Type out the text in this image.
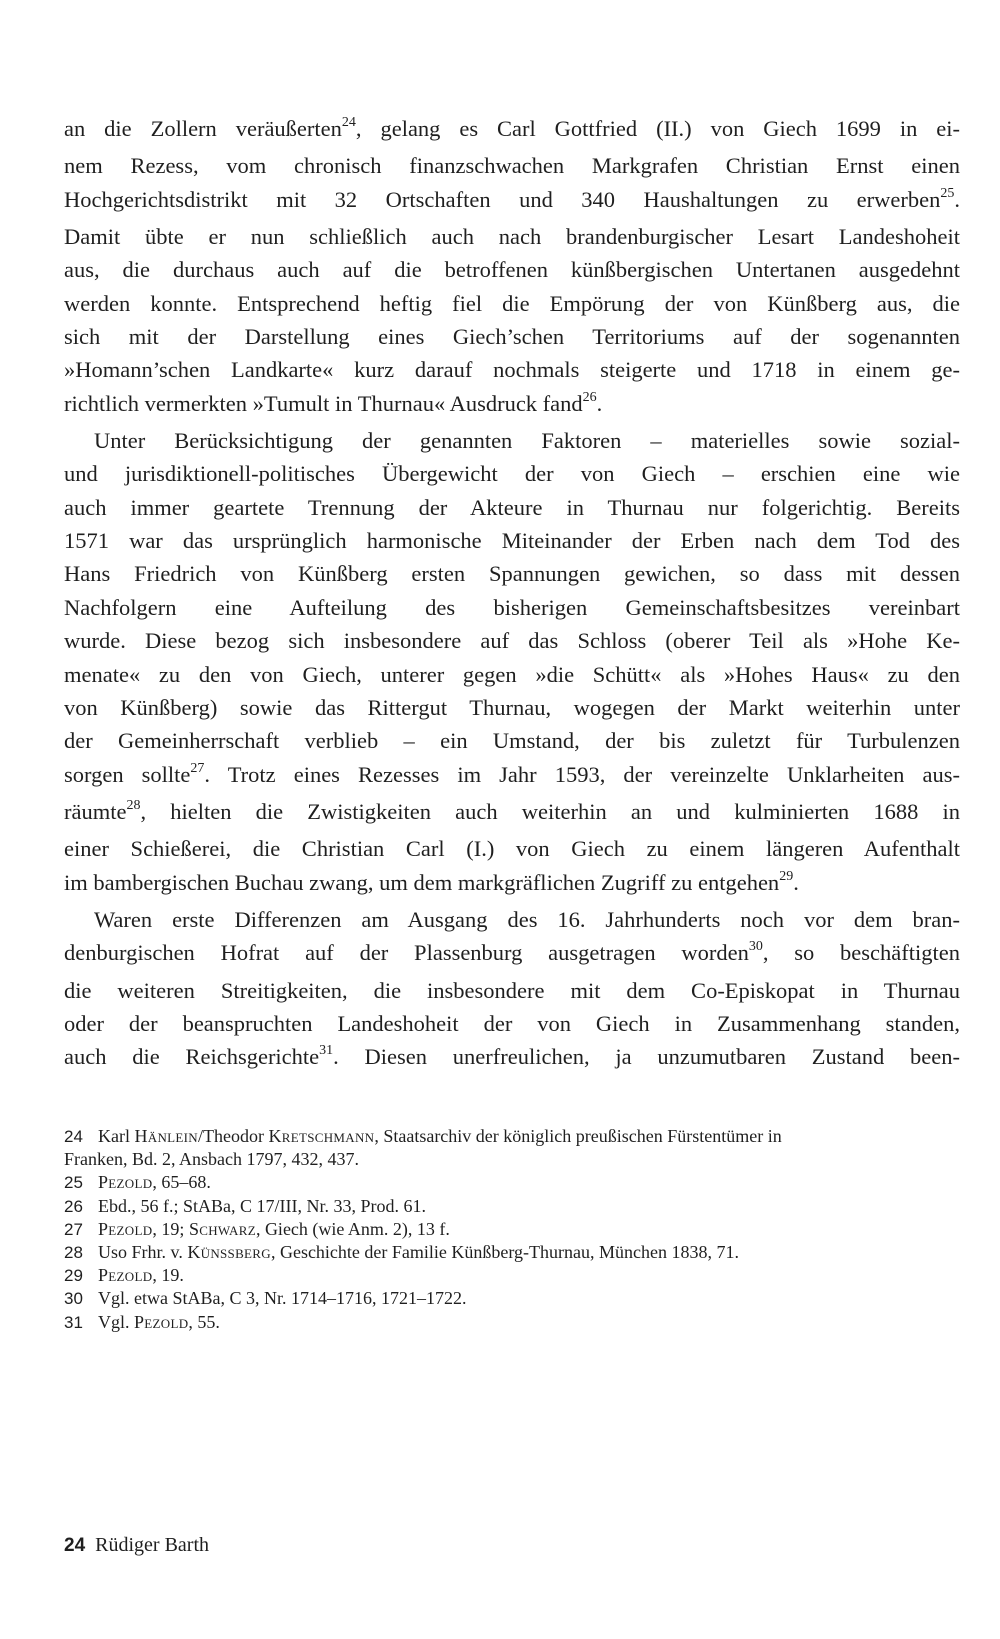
an die Zollern veräußerten$^{24}$, gelang es Carl Gottfried (II.) von Giech 1699 in ei-
nem Rezess, vom chronisch finanzschwachen Markgrafen Christian Ernst einen
Hochgerichtsdistrikt mit 32 Ortschaften und 340 Haushaltungen zu erwerben$^{25}$.
Damit übte er nun schließlich auch nach brandenburgischer Lesart Landeshoheit
aus, die durchaus auch auf die betroffenen künßbergischen Untertanen ausgedehnt
werden konnte. Entsprechend heftig fiel die Empörung der von Künßberg aus, die
sich mit der Darstellung eines Giech’schen Territoriums auf der sogenannten
»Homann’schen Landkarte« kurz darauf nochmals steigerte und 1718 in einem ge-
richtlich vermerkten »Tumult in Thurnau« Ausdruck fand$^{26}$.

Unter Berücksichtigung der genannten Faktoren – materielles sowie sozial-
und jurisdiktionell-politisches Übergewicht der von Giech – erschien eine wie
auch immer geartete Trennung der Akteure in Thurnau nur folgerichtig. Bereits
1571 war das ursprünglich harmonische Miteinander der Erben nach dem Tod des
Hans Friedrich von Künßberg ersten Spannungen gewichen, so dass mit dessen
Nachfolgern eine Aufteilung des bisherigen Gemeinschaftsbesitzes vereinbart
wurde. Diese bezog sich insbesondere auf das Schloss (oberer Teil als »Hohe Ke-
menate« zu den von Giech, unterer gegen »die Schütt« als »Hohes Haus« zu den
von Künßberg) sowie das Rittergut Thurnau, wogegen der Markt weiterhin unter
der Gemeinherrschaft verblieb – ein Umstand, der bis zuletzt für Turbulenzen
sorgen sollte$^{27}$. Trotz eines Rezesses im Jahr 1593, der vereinzelte Unklarheiten aus-
räumte$^{28}$, hielten die Zwistigkeiten auch weiterhin an und kulminierten 1688 in
einer Schießerei, die Christian Carl (I.) von Giech zu einem längeren Aufenthalt
im bambergischen Buchau zwang, um dem markgräflichen Zugriff zu entgehen$^{29}$.

Waren erste Differenzen am Ausgang des 16. Jahrhunderts noch vor dem bran-
denburgischen Hofrat auf der Plassenburg ausgetragen worden$^{30}$, so beschäftigten
die weiteren Streitigkeiten, die insbesondere mit dem Co-Episkopat in Thurnau
oder der beanspruchten Landeshoheit der von Giech in Zusammenhang standen,
auch die Reichsgerichte$^{31}$. Diesen unerfreulichen, ja unzumutbaren Zustand been-

24 Karl Hänlein/Theodor Kretschmann, Staatsarchiv der königlich preußischen Fürstentümer in
Franken, Bd. 2, Ansbach 1797, 432, 437.
25 Pezold, 65–68.
26 Ebd., 56 f.; StABa, C 17/III, Nr. 33, Prod. 61.
27 Pezold, 19; Schwarz, Giech (wie Anm. 2), 13 f.
28 Uso Frhr. v. Künssberg, Geschichte der Familie Künßberg-Thurnau, München 1838, 71.
29 Pezold, 19.
30 Vgl. etwa StABa, C 3, Nr. 1714–1716, 1721–1722.
31 Vgl. Pezold, 55.
24 Rüdiger Barth
